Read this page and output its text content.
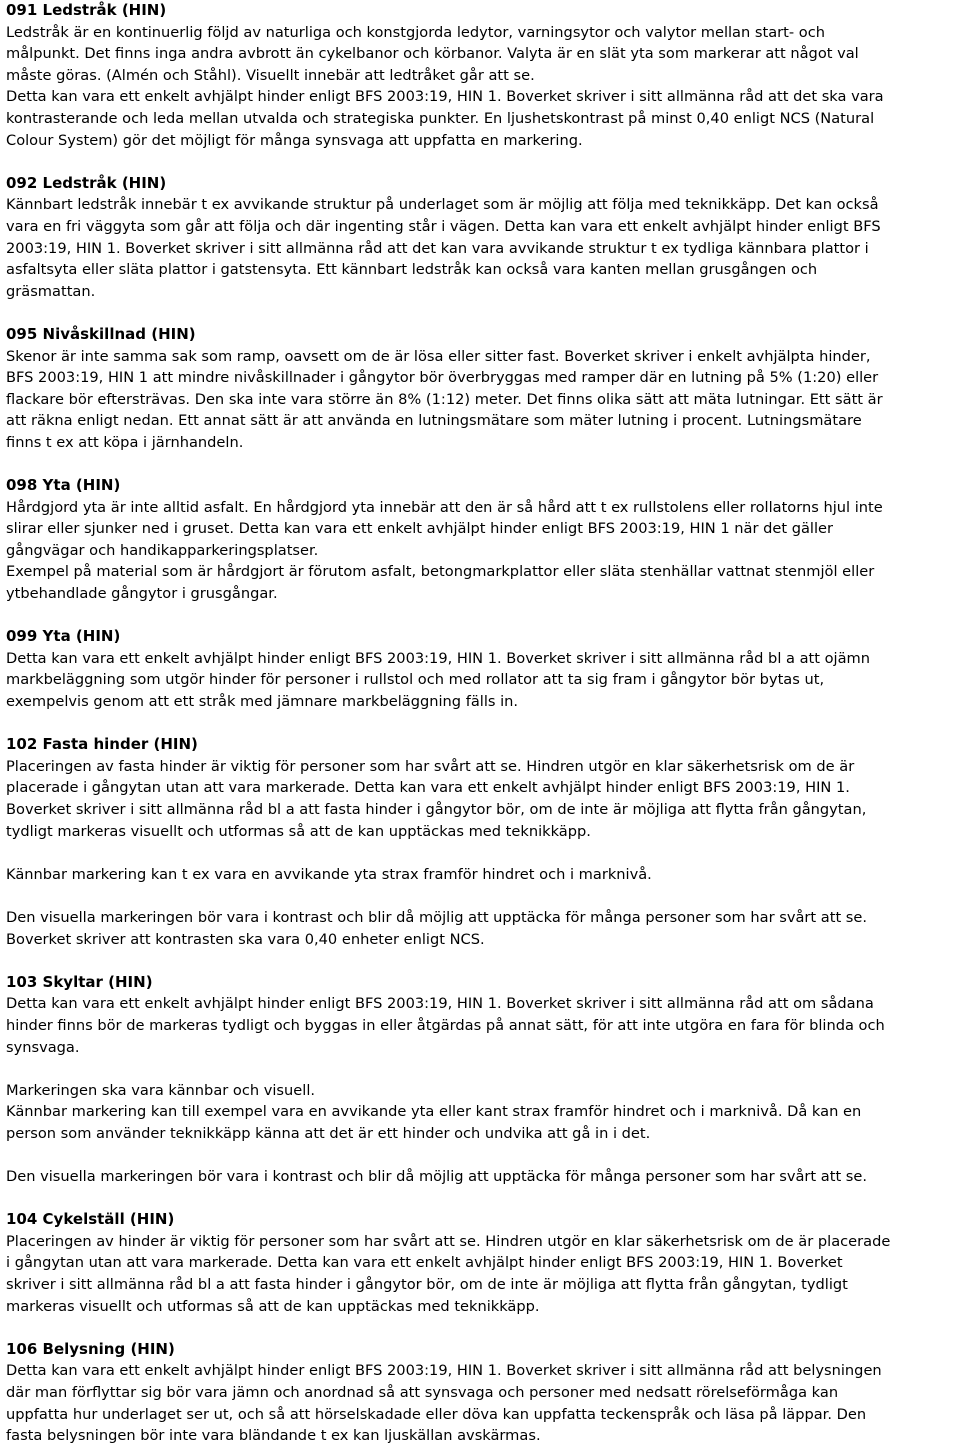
091 Ledstråk (HIN)
Ledstråk är en kontinuerlig följd av naturliga och konstgjorda ledytor, varningsytor och valytor mellan start- och
målpunkt. Det finns inga andra avbrott än cykelbanor och körbanor. Valyta är en slät yta som markerar att något val
måste göras. (Almén och Ståhl). Visuellt innebär att ledtråket går att se.
Detta kan vara ett enkelt avhjälpt hinder enligt BFS 2003:19, HIN 1. Boverket skriver i sitt allmänna råd att det ska vara
kontrasterande och leda mellan utvalda och strategiska punkter. En ljushetskontrast på minst 0,40 enligt NCS (Natural
Colour System) gör det möjligt för många synsvaga att uppfatta en markering.
092 Ledstråk (HIN)
Kännbart ledstråk innebär t ex avvikande struktur på underlaget som är möjlig att följa med teknikkäpp. Det kan också
vara en fri väggyta som går att följa och där ingenting står i vägen. Detta kan vara ett enkelt avhjälpt hinder enligt BFS
2003:19, HIN 1. Boverket skriver i sitt allmänna råd att det kan vara avvikande struktur t ex tydliga kännbara plattor i
asfaltsyta eller släta plattor i gatstensyta. Ett kännbart ledstråk kan också vara kanten mellan grusgången och
gräsmattan.
095 Nivåskillnad (HIN)
Skenor är inte samma sak som ramp, oavsett om de är lösa eller sitter fast. Boverket skriver i enkelt avhjälpta hinder,
BFS 2003:19, HIN 1 att mindre nivåskillnader i gångytor bör överbryggas med ramper där en lutning på 5% (1:20) eller
flackare bör eftersträvas. Den ska inte vara större än 8% (1:12) meter. Det finns olika sätt att mäta lutningar. Ett sätt är
att räkna enligt nedan. Ett annat sätt är att använda en lutningsmätare som mäter lutning i procent. Lutningsmätare
finns t ex att köpa i järnhandeln.
098 Yta (HIN)
Hårdgjord yta är inte alltid asfalt. En hårdgjord yta innebär att den är så hård att t ex rullstolens eller rollatorns hjul inte
slirar eller sjunker ned i gruset. Detta kan vara ett enkelt avhjälpt hinder enligt BFS 2003:19, HIN 1 när det gäller
gångvägar och handikapparkeringsplatser.
Exempel på material som är hårdgjort är förutom asfalt, betongmarkplattor eller släta stenhällar vattnat stenmjöl eller
ytbehandlade gångytor i grusgångar.
099 Yta (HIN)
Detta kan vara ett enkelt avhjälpt hinder enligt BFS 2003:19, HIN 1. Boverket skriver i sitt allmänna råd bl a att ojämn
markbeläggning som utgör hinder för personer i rullstol och med rollator att ta sig fram i gångytor bör bytas ut,
exempelvis genom att ett stråk med jämnare markbeläggning fälls in.
102 Fasta hinder (HIN)
Placeringen av fasta hinder är viktig för personer som har svårt att se. Hindren utgör en klar säkerhetsrisk om de är
placerade i gångytan utan att vara markerade. Detta kan vara ett enkelt avhjälpt hinder enligt BFS 2003:19, HIN 1.
Boverket skriver i sitt allmänna råd bl a att fasta hinder i gångytor bör, om de inte är möjliga att flytta från gångytan,
tydligt markeras visuellt och utformas så att de kan upptäckas med teknikkäpp.
Kännbar markering kan t ex vara en avvikande yta strax framför hindret och i marknivå.
Den visuella markeringen bör vara i kontrast och blir då möjlig att upptäcka för många personer som har svårt att se.
Boverket skriver att kontrasten ska vara 0,40 enheter enligt NCS.
103 Skyltar (HIN)
Detta kan vara ett enkelt avhjälpt hinder enligt BFS 2003:19, HIN 1. Boverket skriver i sitt allmänna råd att om sådana
hinder finns bör de markeras tydligt och byggas in eller åtgärdas på annat sätt, för att inte utgöra en fara för blinda och
synsvaga.
Markeringen ska vara kännbar och visuell.
Kännbar markering kan till exempel vara en avvikande yta eller kant strax framför hindret och i marknivå. Då kan en
person som använder teknikkäpp känna att det är ett hinder och undvika att gå in i det.
Den visuella markeringen bör vara i kontrast och blir då möjlig att upptäcka för många personer som har svårt att se.
104 Cykelställ (HIN)
Placeringen av hinder är viktig för personer som har svårt att se. Hindren utgör en klar säkerhetsrisk om de är placerade
i gångytan utan att vara markerade. Detta kan vara ett enkelt avhjälpt hinder enligt BFS 2003:19, HIN 1. Boverket
skriver i sitt allmänna råd bl a att fasta hinder i gångytor bör, om de inte är möjliga att flytta från gångytan, tydligt
markeras visuellt och utformas så att de kan upptäckas med teknikkäpp.
106 Belysning (HIN)
Detta kan vara ett enkelt avhjälpt hinder enligt BFS 2003:19, HIN 1. Boverket skriver i sitt allmänna råd att belysningen
där man förflyttar sig bör vara jämn och anordnad så att synsvaga och personer med nedsatt rörelseförmåga kan
uppfatta hur underlaget ser ut, och så att hörselskadade eller döva kan uppfatta teckenspråk och läsa på läppar. Den
fasta belysningen bör inte vara bländande t ex kan ljuskällan avskärmas.
